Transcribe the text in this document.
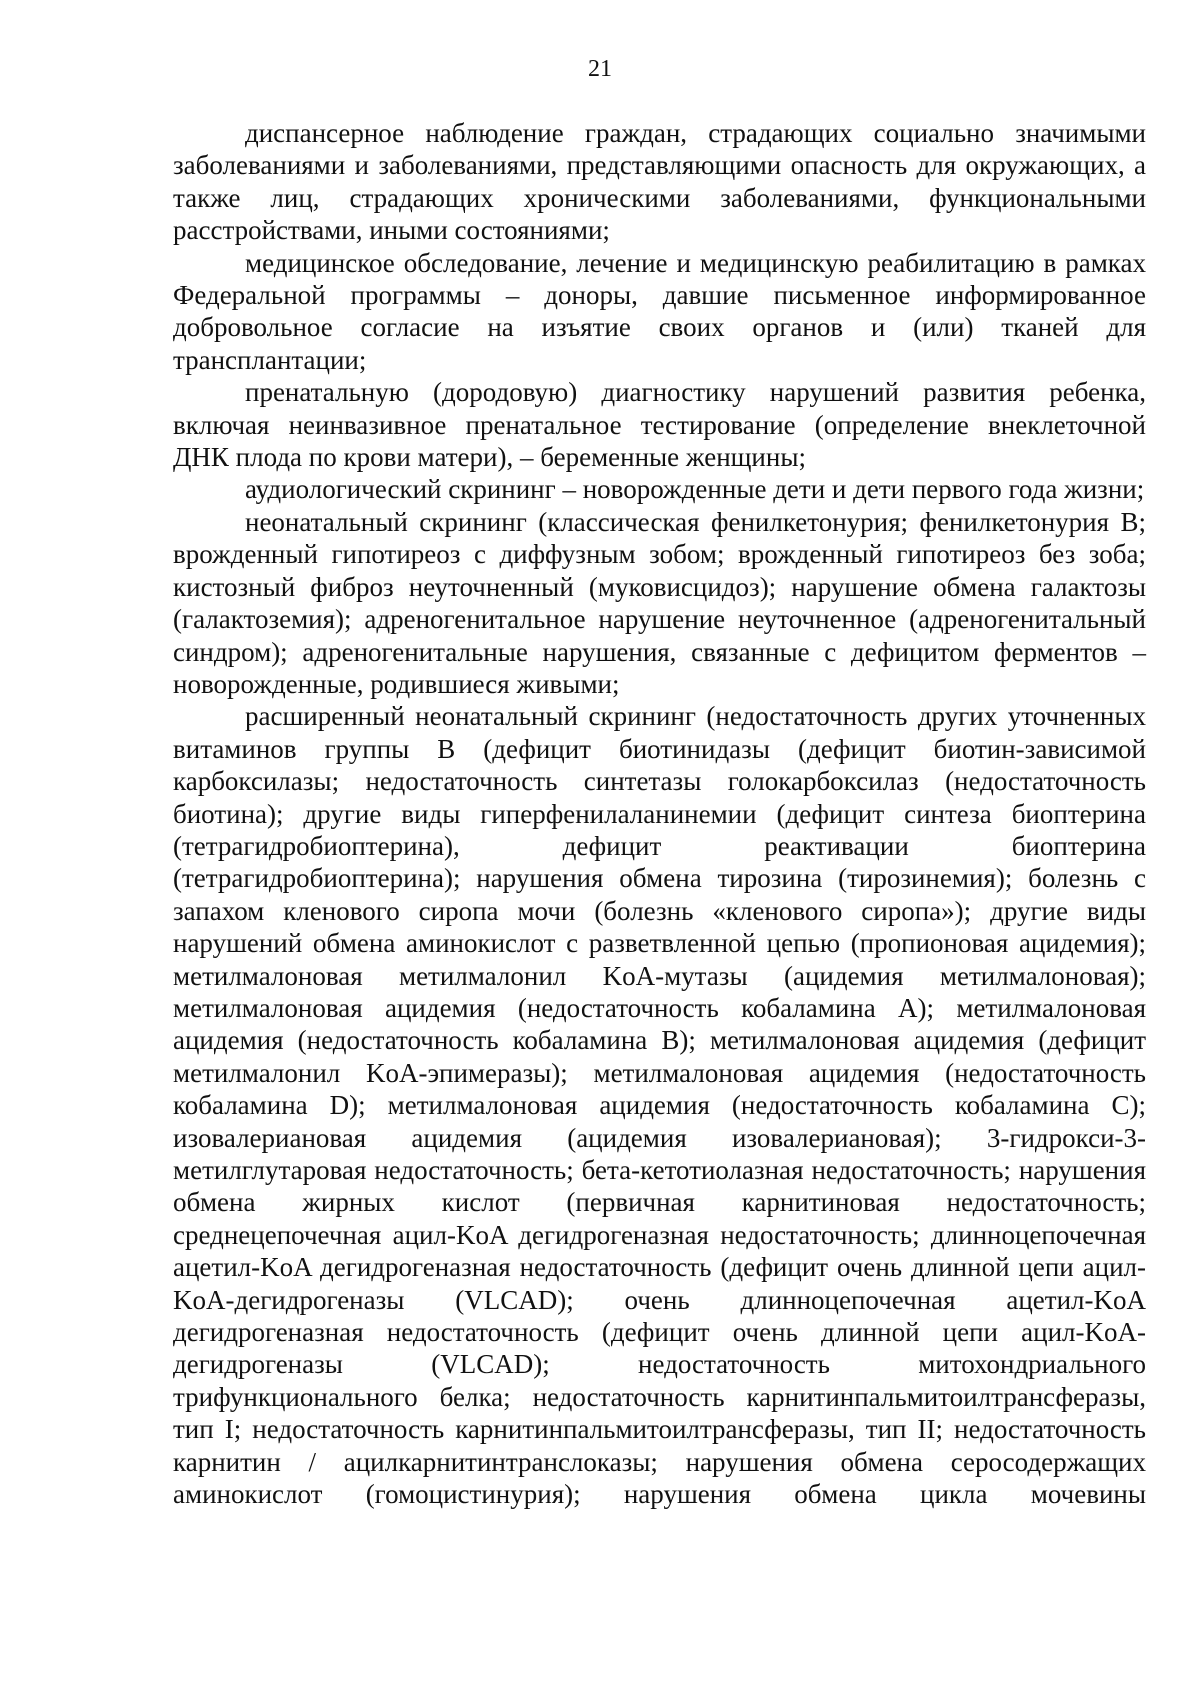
21

диспансерное наблюдение граждан, страдающих социально значимыми заболеваниями и заболеваниями, представляющими опасность для окружающих, а также лиц, страдающих хроническими заболеваниями, функциональными расстройствами, иными состояниями;

медицинское обследование, лечение и медицинскую реабилитацию в рамках Федеральной программы – доноры, давшие письменное информированное добровольное согласие на изъятие своих органов и (или) тканей для трансплантации;

пренатальную (дородовую) диагностику нарушений развития ребенка, включая неинвазивное пренатальное тестирование (определение внеклеточной ДНК плода по крови матери), – беременные женщины;

аудиологический скрининг – новорожденные дети и дети первого года жизни;

неонатальный скрининг (классическая фенилкетонурия; фенилкетонурия B; врожденный гипотиреоз с диффузным зобом; врожденный гипотиреоз без зоба; кистозный фиброз неуточненный (муковисцидоз); нарушение обмена галактозы (галактоземия); адреногенитальное нарушение неуточненное (адреногенитальный синдром); адреногенитальные нарушения, связанные с дефицитом ферментов – новорожденные, родившиеся живыми;

расширенный неонатальный скрининг (недостаточность других уточненных витаминов группы B (дефицит биотинидазы (дефицит биотин-зависимой карбоксилазы; недостаточность синтетазы голокарбоксилаз (недостаточность биотина); другие виды гиперфенилаланинемии (дефицит синтеза биоптерина (тетрагидробиоптерина), дефицит реактивации биоптерина (тетрагидробиоптерина); нарушения обмена тирозина (тирозинемия); болезнь с запахом кленового сиропа мочи (болезнь «кленового сиропа»); другие виды нарушений обмена аминокислот с разветвленной цепью (пропионовая ацидемия); метилмалоновая метилмалонил KoA-мутазы (ацидемия метилмалоновая); метилмалоновая ацидемия (недостаточность кобаламина A); метилмалоновая ацидемия (недостаточность кобаламина B); метилмалоновая ацидемия (дефицит метилмалонил KoA-эпимеразы); метилмалоновая ацидемия (недостаточность кобаламина D); метилмалоновая ацидемия (недостаточность кобаламина C); изовалериановая ацидемия (ацидемия изовалериановая); 3-гидрокси-3-метилглутаровая недостаточность; бета-кетотиолазная недостаточность; нарушения обмена жирных кислот (первичная карнитиновая недостаточность; среднецепочечная ацил-KoA дегидрогеназная недостаточность; длинноцепочечная ацетил-KoA дегидрогеназная недостаточность (дефицит очень длинной цепи ацил-KoA-дегидрогеназы (VLCAD); очень длинноцепочечная ацетил-KoA дегидрогеназная недостаточность (дефицит очень длинной цепи ацил-KoA-дегидрогеназы (VLCAD); недостаточность митохондриального трифункционального белка; недостаточность карнитинпальмитоилтрансферазы, тип I; недостаточность карнитинпальмитоилтрансферазы, тип II; недостаточность карнитин / ацилкарнитинтранслоказы; нарушения обмена серосодержащих аминокислот (гомоцистинурия); нарушения обмена цикла мочевины
